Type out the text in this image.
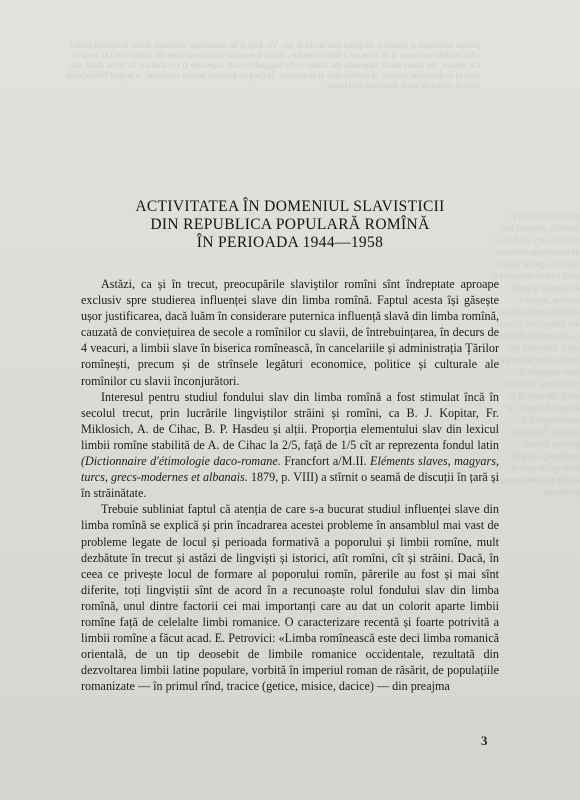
poziție inferioară și fonetică, adoptată mai târziu în sec. VI–XIII și de numeroase elemente slave. în special atunci când limbile romanice și de formare a limbii române, numai a etnicilor românești toate din limba slavă și nu-și cu. Ca urmare, din limba slavă, îndeosebi din limba veche bulgară în toate aspectele și vocabulare. în limba slavă, din care să în domeniul fonetic, al morfologiei și al sintaxei. În ceea ce privește lexicul românesc, o bogată bibliografie care se ocupă de toate aspectele problemei.
poziție inferioară și fonetică, adoptată mai târziu în sec. VI–XIII și de numeroase elemente slave. în special atunci când limbile romanice și de formare a limbii române, numai a etnicilor românești toate din limba slavă și nu-și cu. Ca urmare, din limba slavă, îndeosebi din limba veche bulgară în toate aspectele și vocabulare. în limba slavă, din care să în domeniul fonetic, al morfologiei și al sintaxei. În ceea ce privește lexicul românesc, o bogată bibliografie care se ocupă de toate aspectele problemei.
ACTIVITATEA ÎN DOMENIUL SLAVISTICII
DIN REPUBLICA POPULARĂ ROMÎNĂ
ÎN PERIOADA 1944—1958

Astăzi, ca și în trecut, preocupările slaviștilor romîni sînt îndreptate aproape exclusiv spre studierea influenței slave din limba romînă. Faptul acesta își găsește ușor justificarea, dacă luăm în considerare puternica influență slavă din limba romînă, cauzată de conviețuirea de secole a romînilor cu slavii, de întrebuințarea, în decurs de 4 veacuri, a limbii slave în biserica romînească, în cancelariile și administrația Țărilor romînești, precum și de strînsele legături economice, politice și culturale ale romînilor cu slavii înconjurători.

Interesul pentru studiul fondului slav din limba romînă a fost stimulat încă în secolul trecut, prin lucrările lingviștilor străini și romîni, ca B. J. Kopitar, Fr. Miklosich, A. de Cihac, B. P. Hasdeu și alții. Proporția elementului slav din lexicul limbii romîne stabilită de A. de Cihac la 2/5, față de 1/5 cît ar reprezenta fondul latin (Dictionnaire d'étimologie daco-romane. Francfort a/M.II. Eléments slaves, magyars, turcs, grecs-modernes et albanais. 1879, p. VIII) a stîrnit o seamă de discuții în țară și în străinătate.

Trebuie subliniat faptul că atenția de care s-a bucurat studiul influenței slave din limba romînă se explică și prin încadrarea acestei probleme în ansamblul mai vast de probleme legate de locul și perioada formativă a poporului și limbii romîne, mult dezbătute în trecut și astăzi de lingviști și istorici, atît romîni, cît și străini. Dacă, în ceea ce privește locul de formare al poporului romîn, părerile au fost și mai sînt diferite, toți lingviștii sînt de acord în a recunoaște rolul fondului slav din limba romînă, unul dintre factorii cei mai importanți care au dat un colorit aparte limbii romîne față de celelalte limbi romanice. O caracterizare recentă și foarte potrivită a limbii romîne a făcut acad. E. Petrovici: «Limba romînească este deci limba romanică orientală, de un tip deosebit de limbile romanice occidentale, rezultată din dezvoltarea limbii latine populare, vorbită în imperiul roman de răsărit, de populațiile romanizate — în primul rînd, tracice (getice, misice, dacice) — din preajma

3
